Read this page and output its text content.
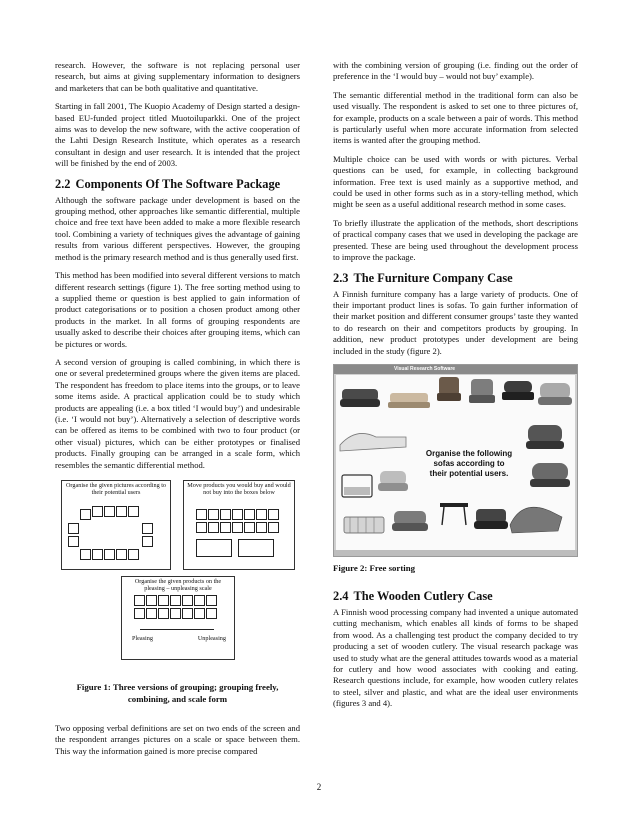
research. However, the software is not replacing personal user research, but aims at giving supplementary information to designers and marketers that can be both qualitative and quantitative.

Starting in fall 2001, The Kuopio Academy of Design started a design-based EU-funded project titled Muotoiluparkki. One of the project aims was to develop the new software, with the active cooperation of the Lahti Design Research Institute, which operates as a research consultant in design and user research. It is intended that the project will be finished by the end of 2003.

2.2 Components Of The Software Package

Although the software package under development is based on the grouping method, other approaches like semantic differential, multiple choice and free text have been added to make a more flexible research tool. Combining a variety of techniques gives the advantage of gaining results from various different perspectives. However, the grouping method is the primary research method and is thus generally used first.

This method has been modified into several different versions to match different research settings (figure 1). The free sorting method using to a supplied theme or question is best applied to gain information of product categorisations or to position a chosen product among other products in the market. In all forms of grouping respondents are usually asked to describe their choices after grouping items, which can be pictures or words.

A second version of grouping is called combining, in which there is one or several predetermined groups where the given items are placed. The respondent has freedom to place items into the groups, or to leave some items aside. A practical application could be to study which products are appealing (i.e. a box titled ‘I would buy’) and undesirable (i.e. ‘I would not buy’). Alternatively a selection of descriptive words can be offered as items to be combined with two to four product (or other visual) pictures, which can be either prototypes or finalised products. Finally grouping can be arranged in a scale form, which resembles the semantic differential method.

Organise the given pictures according to their potential users
Move products you would buy and would not buy into the boxes below
Organise the given products on the pleasing – unpleasing scale
Pleasing	Unpleasing
Figure 1: Three versions of grouping; grouping freely, combining, and scale form

Two opposing verbal definitions are set on two ends of the screen and the respondent arranges pictures on a scale or space between them. This way the information gained is more precise compared

with the combining version of grouping (i.e. finding out the order of preference in the ‘I would buy – would not buy’ example).

The semantic differential method in the traditional form can also be used visually. The respondent is asked to set one to three pictures of, for example, products on a scale between a pair of words. This method is particularly useful when more accurate information from selected items is wanted after the grouping method.

Multiple choice can be used with words or with pictures. Verbal questions can be used, for example, in collecting background information. Free text is used mainly as a supportive method, and could be used in other forms such as in a story-telling method, which might be seen as a useful additional research method in some cases.

To briefly illustrate the application of the methods, short descriptions of practical company cases that we used in developing the package are presented. These are being used throughout the development process to improve the package.

2.3 The Furniture Company Case

A Finnish furniture company has a large variety of products. One of their important product lines is sofas. To gain further information of their market position and different consumer groups’ taste they wanted to do research on their and competitors products by grouping. In addition, new product prototypes under development are being included in the study (figure 2).

Visual Research Software
Organise the following sofas according to their potential users.
Figure 2: Free sorting
2.4 The Wooden Cutlery Case

A Finnish wood processing company had invented a unique automated cutting mechanism, which enables all kinds of forms to be shaped from wood. As a challenging test product the company decided to try producing a set of wooden cutlery. The visual research package was used to study what are the general attitudes towards wood as a material for cutlery and how wood associates with cooking and eating. Research questions include, for example, how wooden cutlery relates to steel, silver and plastic, and what are the ideal user environments (figures 3 and 4).

2
